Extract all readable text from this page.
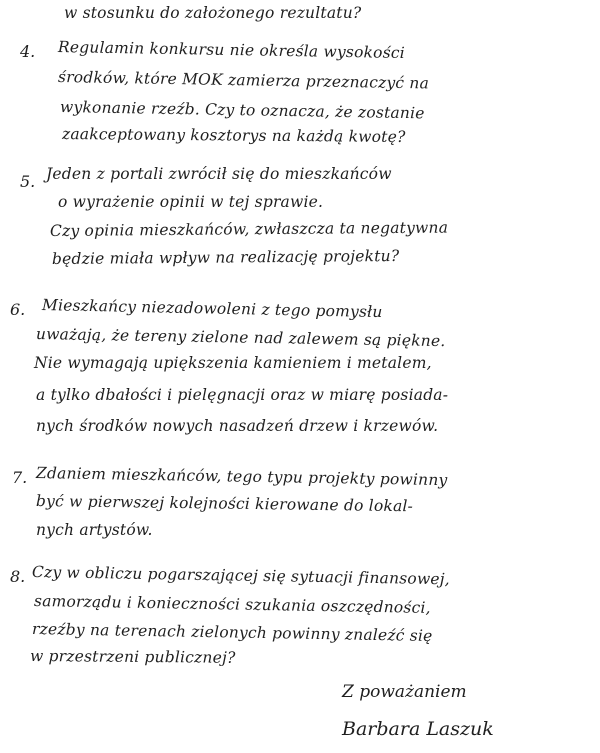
w stosunku do założonego rezultatu?
4. Regulamin konkursu nie określa wysokości
środków, które MOK zamierza przeznaczyć na
wykonanie rzeźb. Czy to oznacza, że zostanie
zaakceptowany kosztorys na każdą kwotę?
5. Jeden z portali zwrócił się do mieszkańców
o wyrażenie opinii w tej sprawie.
Czy opinia mieszkańców, zwłaszcza ta negatywna
będzie miała wpływ na realizację projektu?
6. Mieszkańcy niezadowoleni z tego pomysłu
uważają, że tereny zielone nad zalewem są piękne.
Nie wymagają upiększenia kamieniem i metalem,
a tylko dbałości i pielęgnacji oraz w miarę posiada-
nych środków nowych nasadzeń drzew i krzewów.
7. Zdaniem mieszkańców, tego typu projekty powinny
być w pierwszej kolejności kierowane do lokal-
nych artystów.
8. Czy w obliczu pogarszającej się sytuacji finansowej,
samorządu i konieczności szukania oszczędności,
rzeźby na terenach zielonych powinny znaleźć się
w przestrzeni publicznej?
Z poważaniem
Barbara Laszuk
